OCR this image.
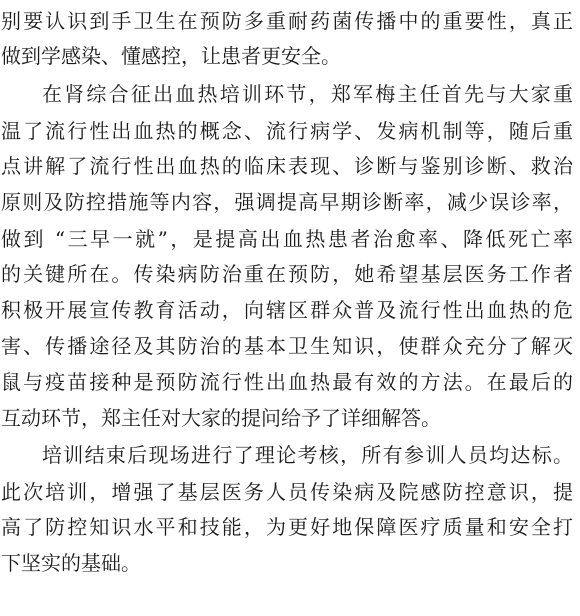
别要认识到手卫生在预防多重耐药菌传播中的重要性，真正
做到学感染、懂感控，让患者更安全。
在肾综合征出血热培训环节，郑军梅主任首先与大家重
温了流行性出血热的概念、流行病学、发病机制等，随后重
点讲解了流行性出血热的临床表现、诊断与鉴别诊断、救治
原则及防控措施等内容，强调提高早期诊断率，减少误诊率，
做到 “三早一就”，是提高出血热患者治愈率、降低死亡率
的关键所在。传染病防治重在预防，她希望基层医务工作者
积极开展宣传教育活动，向辖区群众普及流行性出血热的危
害、传播途径及其防治的基本卫生知识，使群众充分了解灭
鼠与疫苗接种是预防流行性出血热最有效的方法。在最后的
互动环节，郑主任对大家的提问给予了详细解答。
培训结束后现场进行了理论考核，所有参训人员均达标。
此次培训，增强了基层医务人员传染病及院感防控意识，提
高了防控知识水平和技能，为更好地保障医疗质量和安全打
下坚实的基础。
